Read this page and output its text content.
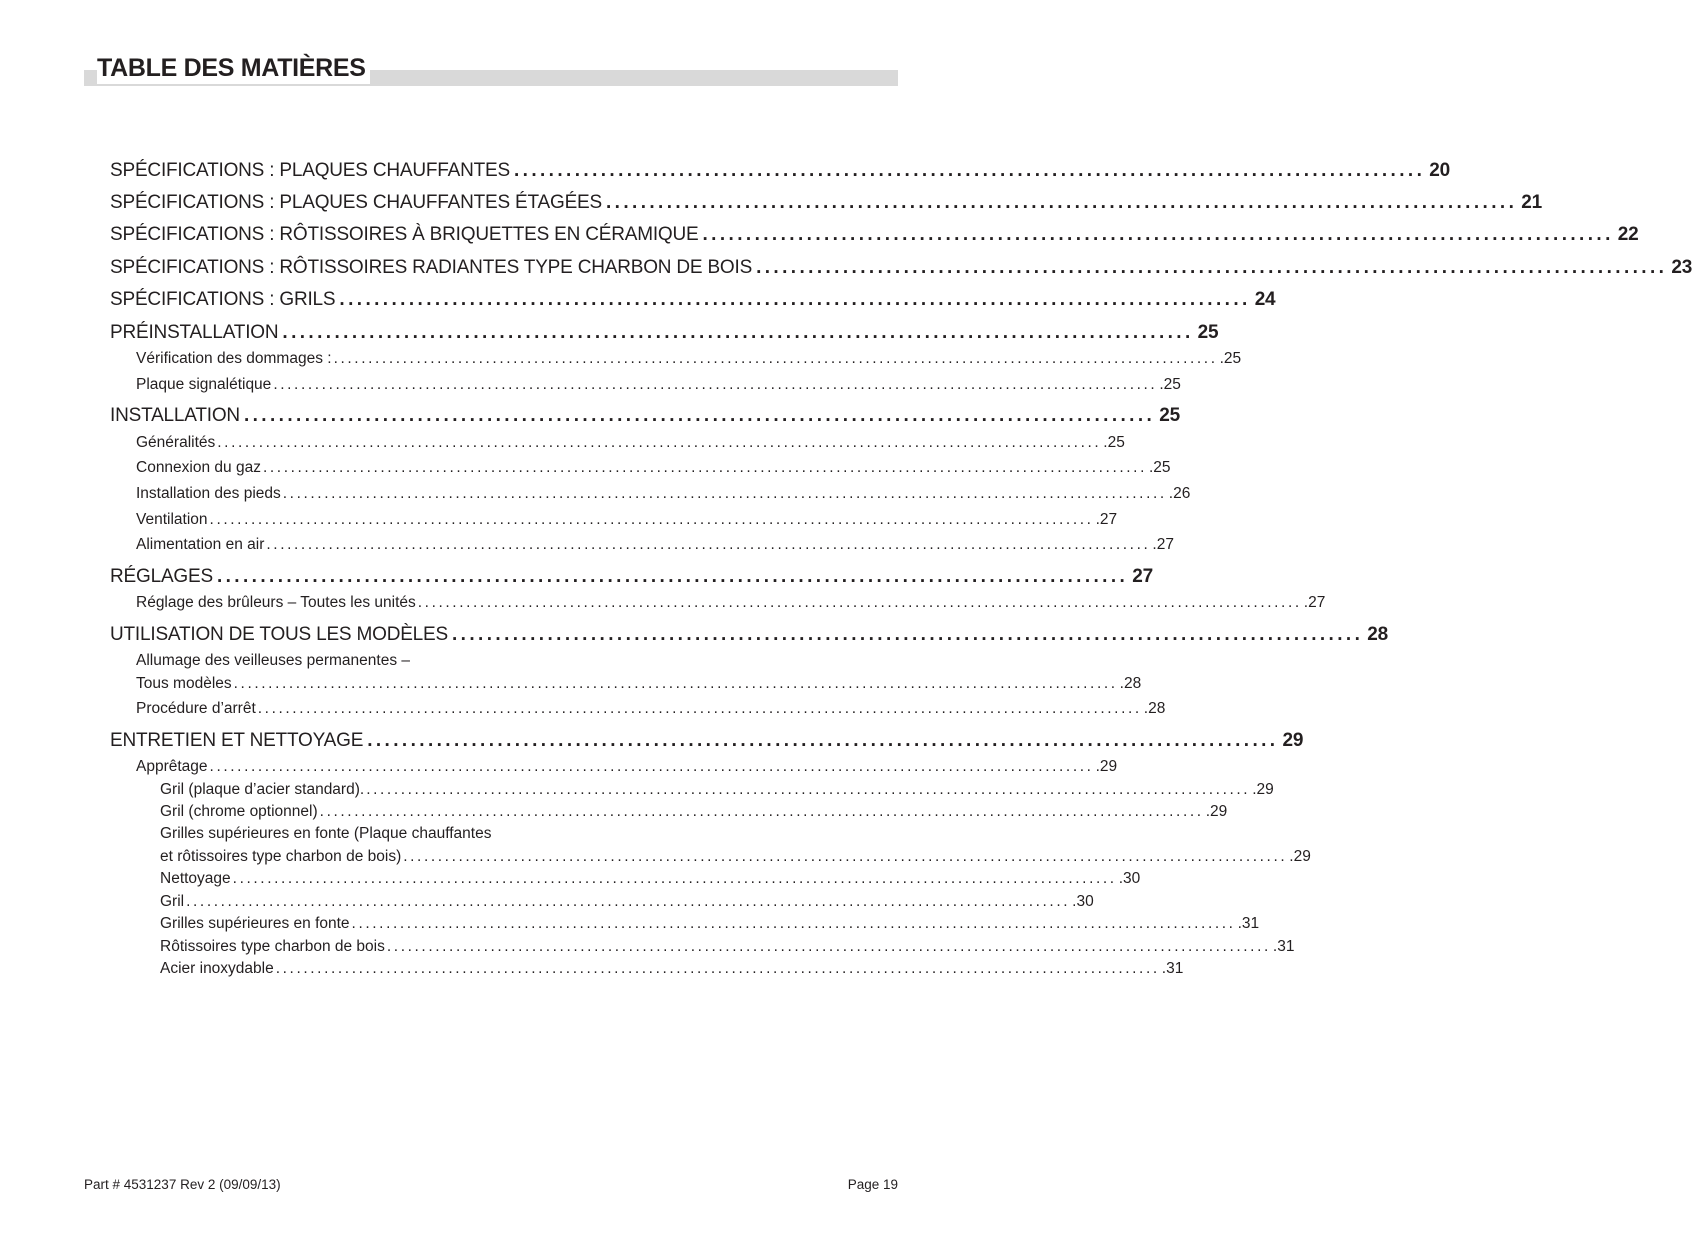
TABLE DES MATIÈRES
SPÉCIFICATIONS : PLAQUES CHAUFFANTES ......................................................................................................... 20
SPÉCIFICATIONS : PLAQUES CHAUFFANTES ÉTAGÉES ......................................................................................................... 21
SPÉCIFICATIONS : RÔTISSOIRES À BRIQUETTES EN CÉRAMIQUE ......................................................................................................... 22
SPÉCIFICATIONS : RÔTISSOIRES RADIANTES TYPE CHARBON DE BOIS ......................................................................................................... 23
SPÉCIFICATIONS : GRILS ......................................................................................................... 24
PRÉINSTALLATION ......................................................................................................... 25
Vérification des dommages : ................................................................................................................................ .25
Plaque signalétique ................................................................................................................................ .25
INSTALLATION ......................................................................................................... 25
Généralités ................................................................................................................................ .25
Connexion du gaz ................................................................................................................................ .25
Installation des pieds ................................................................................................................................ .26
Ventilation ................................................................................................................................ .27
Alimentation en air ................................................................................................................................ .27
RÉGLAGES ......................................................................................................... 27
Réglage des brûleurs – Toutes les unités ................................................................................................................................ .27
UTILISATION DE TOUS LES MODÈLES ......................................................................................................... 28
Allumage des veilleuses permanentes –
Tous modèles ................................................................................................................................ .28
Procédure d’arrêt ................................................................................................................................ .28
ENTRETIEN ET NETTOYAGE ......................................................................................................... 29
Apprêtage ................................................................................................................................ .29
Gril (plaque d’acier standard). ................................................................................................................................ .29
Gril (chrome optionnel) ................................................................................................................................ .29
Grilles supérieures en fonte (Plaque chauffantes
et rôtissoires type charbon de bois) ................................................................................................................................ .29
Nettoyage ................................................................................................................................ .30
Gril ................................................................................................................................ .30
Grilles supérieures en fonte ................................................................................................................................ .31
Rôtissoires type charbon de bois ................................................................................................................................ .31
Acier inoxydable ................................................................................................................................ .31
Part # 4531237 Rev 2 (09/09/13)	Page 19
